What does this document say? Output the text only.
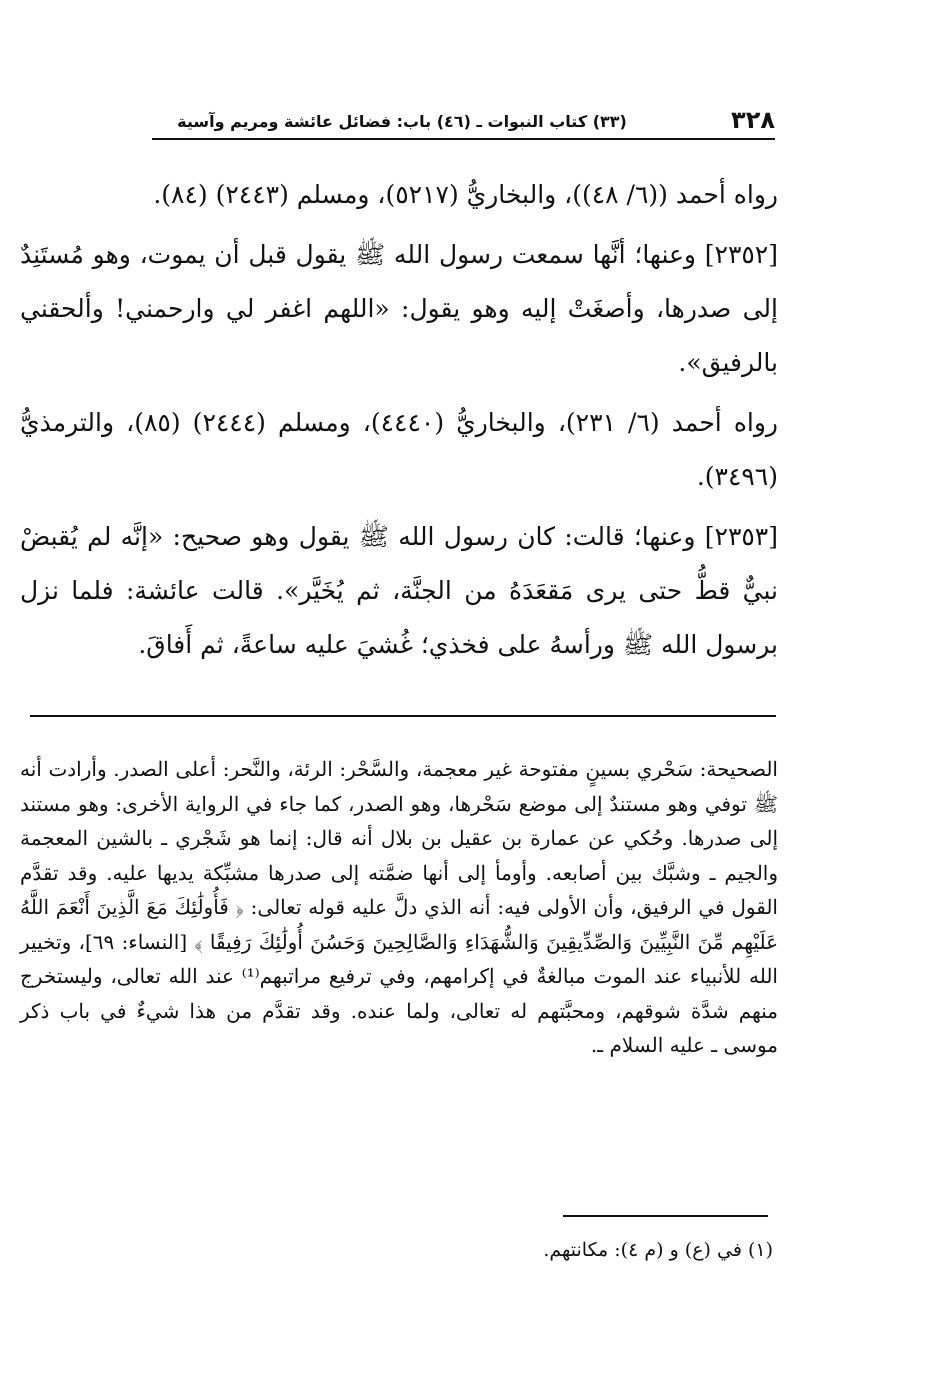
٣٢٨
(٣٣) كتاب النبوات ـ (٤٦) باب: فضائل عائشة ومريم وآسية

رواه أحمد ((٦/ ٤٨))، والبخاريُّ (٥٢١٧)، ومسلم (٢٤٤٣) (٨٤).

[٢٣٥٢] وعنها؛ أنَّها سمعت رسول الله ﷺ يقول قبل أن يموت، وهو مُستَنِدٌ إلى صدرها، وأصغَتْ إليه وهو يقول: «اللهم اغفر لي وارحمني! وألحقني بالرفيق».

رواه أحمد (٦/ ٢٣١)، والبخاريُّ (٤٤٤٠)، ومسلم (٢٤٤٤) (٨٥)، والترمذيُّ (٣٤٩٦).

[٢٣٥٣] وعنها؛ قالت: كان رسول الله ﷺ يقول وهو صحيح: «إنَّه لم يُقبضْ نبيٌّ قطُّ حتى يرى مَقعَدَهُ من الجنَّة، ثم يُخَيَّر». قالت عائشة: فلما نزل برسول الله ﷺ ورأسهُ على فخذي؛ غُشيَ عليه ساعةً، ثم أَفاقَ.

الصحيحة: سَحْري بسينٍ مفتوحة غير معجمة، والسَّحْر: الرئة، والنَّحر: أعلى الصدر. وأرادت أنه ﷺ توفي وهو مستندٌ إلى موضع سَحْرها، وهو الصدر، كما جاء في الرواية الأخرى: وهو مستند إلى صدرها. وحُكي عن عمارة بن عقيل بن بلال أنه قال: إنما هو شَجْري ـ بالشين المعجمة والجيم ـ وشبَّك بين أصابعه. وأومأ إلى أنها ضمَّته إلى صدرها مشبِّكة يديها عليه. وقد تقدَّم القول في الرفيق، وأن الأولى فيه: أنه الذي دلَّ عليه قوله تعالى: ﴿ فَأُولَٰئِكَ مَعَ الَّذِينَ أَنْعَمَ اللَّهُ عَلَيْهِم مِّنَ النَّبِيِّينَ وَالصِّدِّيقِينَ وَالشُّهَدَاءِ وَالصَّالِحِينَ وَحَسُنَ أُولَٰئِكَ رَفِيقًا ﴾ [النساء: ٦٩]، وتخيير الله للأنبياء عند الموت مبالغةٌ في إكرامهم، وفي ترفيع مراتبهم⁽¹⁾ عند الله تعالى، وليستخرج منهم شدَّة شوقهم، ومحبَّتهم له تعالى، ولما عنده. وقد تقدَّم من هذا شيءٌ في باب ذكر موسى ـ عليه السلام ـ.
(١) في (ع) و (م ٤): مكانتهم.
